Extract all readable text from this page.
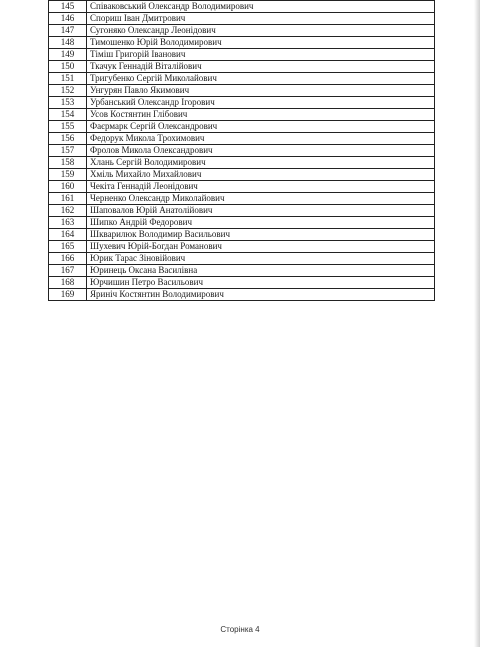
145	Співаковський Олександр Володимирович
146	Спориш Іван Дмитрович
147	Сугоняко Олександр Леонідович
148	Тимошенко Юрій Володимирович
149	Тіміш Григорій Іванович
150	Ткачук Геннадій Віталійович
151	Тригубенко Сергій Миколайович
152	Унгурян Павло Якимович
153	Урбанський Олександр Ігорович
154	Усов Костянтин Глібович
155	Фаєрмарк Сергій Олександрович
156	Федорук Микола Трохимович
157	Фролов Микола Олександрович
158	Хлань Сергій Володимирович
159	Хміль Михайло Михайлович
160	Чекіта Геннадій Леонідович
161	Черненко Олександр Миколайович
162	Шаповалов Юрій Анатолійович
163	Шипко Андрій Федорович
164	Шкварилюк Володимир Васильович
165	Шухевич Юрій-Богдан Романович
166	Юрик Тарас Зіновійович
167	Юринець Оксана Василівна
168	Юрчишин Петро Васильович
169	Яриніч Костянтин Володимирович
Сторінка 4
